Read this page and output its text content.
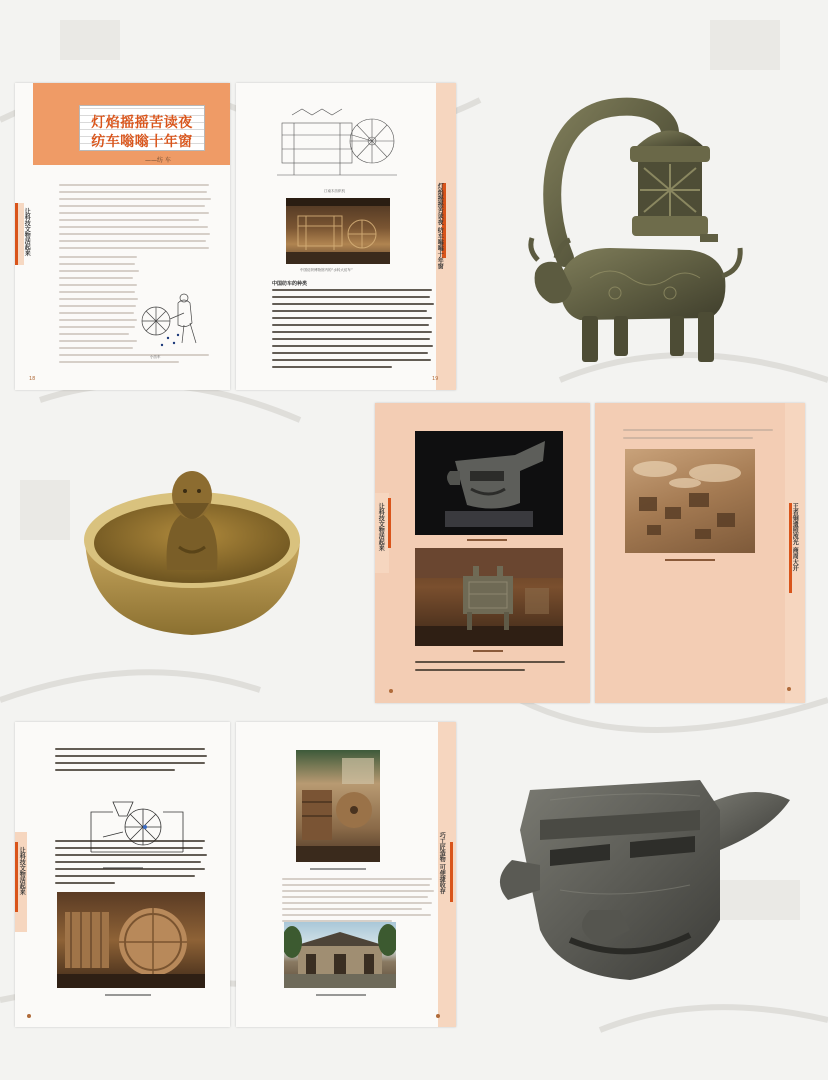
灯焰摇摇苦读夜
纺车嗡嗡十年窗
——纺 车
让科技文物活起来
小纺车
18
江南木纺织机
中国纺织博物馆内的“水转大纺车”
中国纺车的种类
灯焰摇摇苦读夜 纺车嗡嗡十年窗
19
让科技文物活起来	王者铜遗照流光 商周大开
让科技文物活起来	巧工匠造物 可便捷收存
